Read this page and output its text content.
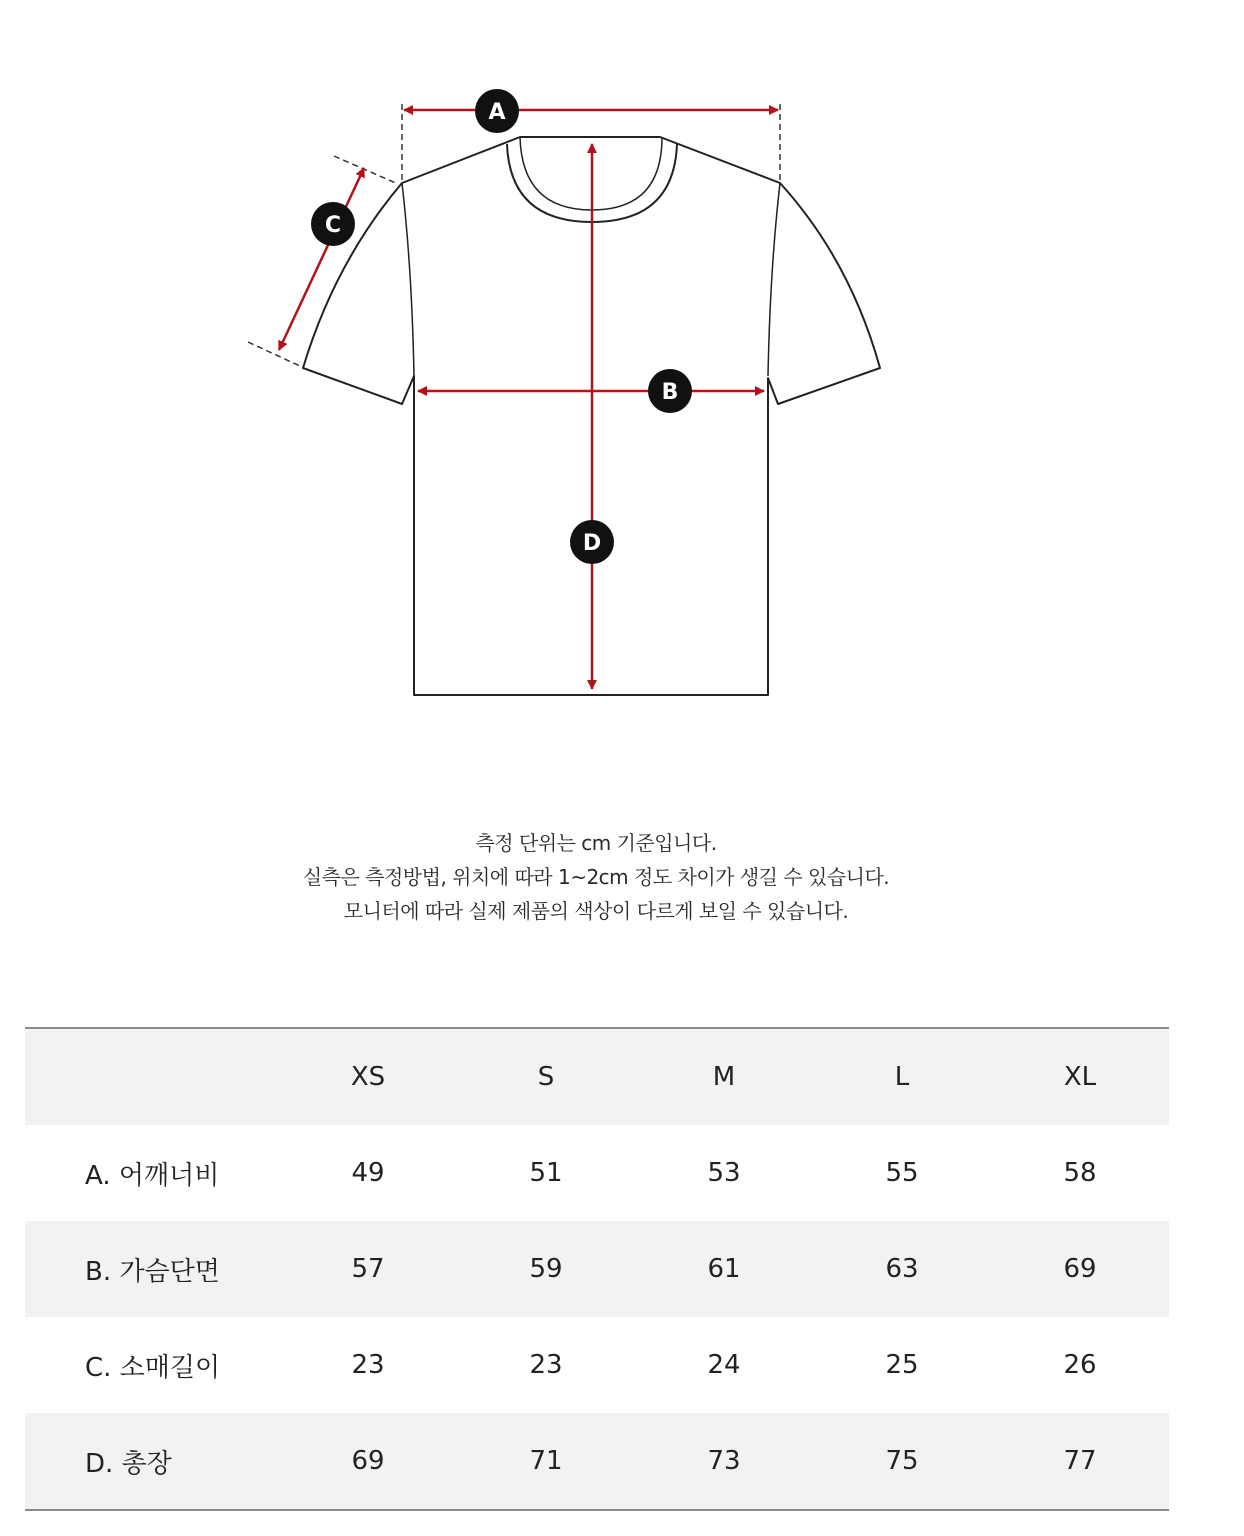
A
B
C
D
측정 단위는 cm 기준입니다.
실측은 측정방법, 위치에 따라 1~2cm 정도 차이가 생길 수 있습니다.
모니터에 따라 실제 제품의 색상이 다르게 보일 수 있습니다.
	XS	S	M	L	XL
A. 어깨너비	49	51	53	55	58
B. 가슴단면	57	59	61	63	69
C. 소매길이	23	23	24	25	26
D. 총장	69	71	73	75	77
